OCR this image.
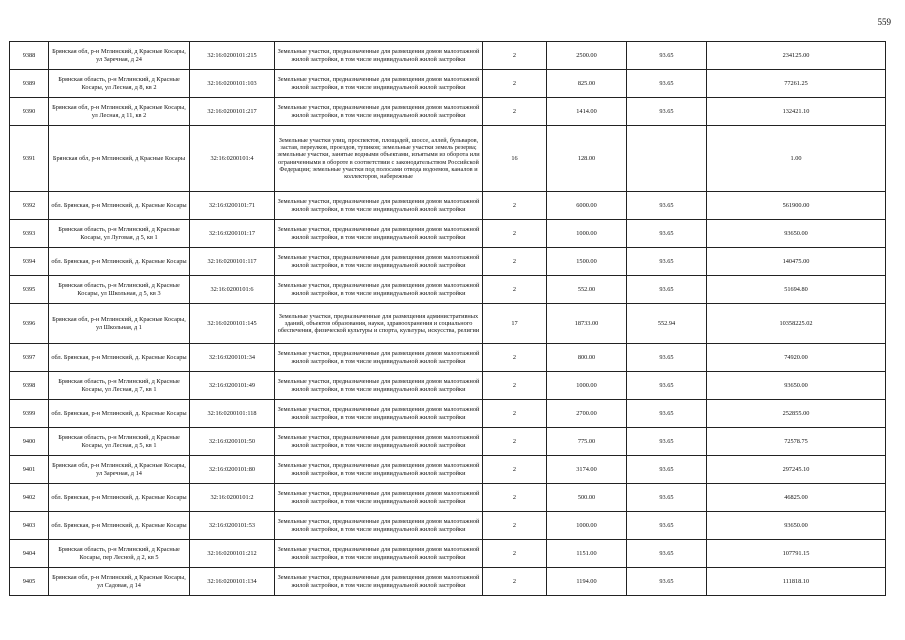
559
9388	Брянская обл, р-н Мглинский, д Красные Косары, ул Заречная, д 24	32:16:0200101:215	Земельные участки, предназначенные для размещения домов малоэтажной жилой застройки, в том числе индивидуальной жилой застройки	2	2500.00	93.65	234125.00
9389	Брянская область, р-н Мглинский, д Красные Косары, ул Лесная, д 8, кв 2	32:16:0200101:103	Земельные участки, предназначенные для размещения домов малоэтажной жилой застройки, в том числе индивидуальной жилой застройки	2	825.00	93.65	77261.25
9390	Брянская обл, р-н Мглинский, д Красные Косары, ул Лесная, д 11, кв 2	32:16:0200101:217	Земельные участки, предназначенные для размещения домов малоэтажной жилой застройки, в том числе индивидуальной жилой застройки	2	1414.00	93.65	132421.10
9391	Брянская обл, р-н Мглинский, д Красные Косары	32:16:0200101:4	Земельные участки улиц, проспектов, площадей, шоссе, аллей, бульваров, застав, переулков, проездов, тупиков; земельные участки земель резерва; земельные участки, занятые водными объектами, изъятыми из оборота или ограниченными в обороте в соответствии с законодательством Российской Федерации; земельные участки под полосами отвода водоемов, каналов и коллекторов, набережные	16	128.00		1.00
9392	обл. Брянская, р-н Мглинский, д. Красные Косары	32:16:0200101:71	Земельные участки, предназначенные для размещения домов малоэтажной жилой застройки, в том числе индивидуальной жилой застройки	2	6000.00	93.65	561900.00
9393	Брянская область, р-н Мглинский, д Красные Косары, ул Луговая, д 5, кв 1	32:16:0200101:17	Земельные участки, предназначенные для размещения домов малоэтажной жилой застройки, в том числе индивидуальной жилой застройки	2	1000.00	93.65	93650.00
9394	обл. Брянская, р-н Мглинский, д. Красные Косары	32:16:0200101:117	Земельные участки, предназначенные для размещения домов малоэтажной жилой застройки, в том числе индивидуальной жилой застройки	2	1500.00	93.65	140475.00
9395	Брянская область, р-н Мглинский, д Красные Косары, ул Школьная, д 5, кв 3	32:16:0200101:6	Земельные участки, предназначенные для размещения домов малоэтажной жилой застройки, в том числе индивидуальной жилой застройки	2	552.00	93.65	51694.80
9396	Брянская обл, р-н Мглинский, д Красные Косары, ул Школьная, д 1	32:16:0200101:145	Земельные участки, предназначенные для размещения административных зданий, объектов образования, науки, здравоохранения и социального обеспечения, физической культуры и спорта, культуры, искусства, религии	17	18733.00	552.94	10358225.02
9397	обл. Брянская, р-н Мглинский, д. Красные Косары	32:16:0200101:34	Земельные участки, предназначенные для размещения домов малоэтажной жилой застройки, в том числе индивидуальной жилой застройки	2	800.00	93.65	74920.00
9398	Брянская область, р-н Мглинский, д Красные Косары, ул Лесная, д 7, кв 1	32:16:0200101:49	Земельные участки, предназначенные для размещения домов малоэтажной жилой застройки, в том числе индивидуальной жилой застройки	2	1000.00	93.65	93650.00
9399	обл. Брянская, р-н Мглинский, д. Красные Косары	32:16:0200101:118	Земельные участки, предназначенные для размещения домов малоэтажной жилой застройки, в том числе индивидуальной жилой застройки	2	2700.00	93.65	252855.00
9400	Брянская область, р-н Мглинский, д Красные Косары, ул Лесная, д 5, кв 1	32:16:0200101:50	Земельные участки, предназначенные для размещения домов малоэтажной жилой застройки, в том числе индивидуальной жилой застройки	2	775.00	93.65	72578.75
9401	Брянская обл, р-н Мглинский, д Красные Косары, ул Заречная, д 14	32:16:0200101:80	Земельные участки, предназначенные для размещения домов малоэтажной жилой застройки, в том числе индивидуальной жилой застройки	2	3174.00	93.65	297245.10
9402	обл. Брянская, р-н Мглинский, д. Красные Косары	32:16:0200101:2	Земельные участки, предназначенные для размещения домов малоэтажной жилой застройки, в том числе индивидуальной жилой застройки	2	500.00	93.65	46825.00
9403	обл. Брянская, р-н Мглинский, д. Красные Косары	32:16:0200101:53	Земельные участки, предназначенные для размещения домов малоэтажной жилой застройки, в том числе индивидуальной жилой застройки	2	1000.00	93.65	93650.00
9404	Брянская область, р-н Мглинский, д Красные Косары, пер Лесной, д 2, кв 5	32:16:0200101:212	Земельные участки, предназначенные для размещения домов малоэтажной жилой застройки, в том числе индивидуальной жилой застройки	2	1151.00	93.65	107791.15
9405	Брянская обл, р-н Мглинский, д Красные Косары, ул Садовая, д 14	32:16:0200101:134	Земельные участки, предназначенные для размещения домов малоэтажной жилой застройки, в том числе индивидуальной жилой застройки	2	1194.00	93.65	111818.10
